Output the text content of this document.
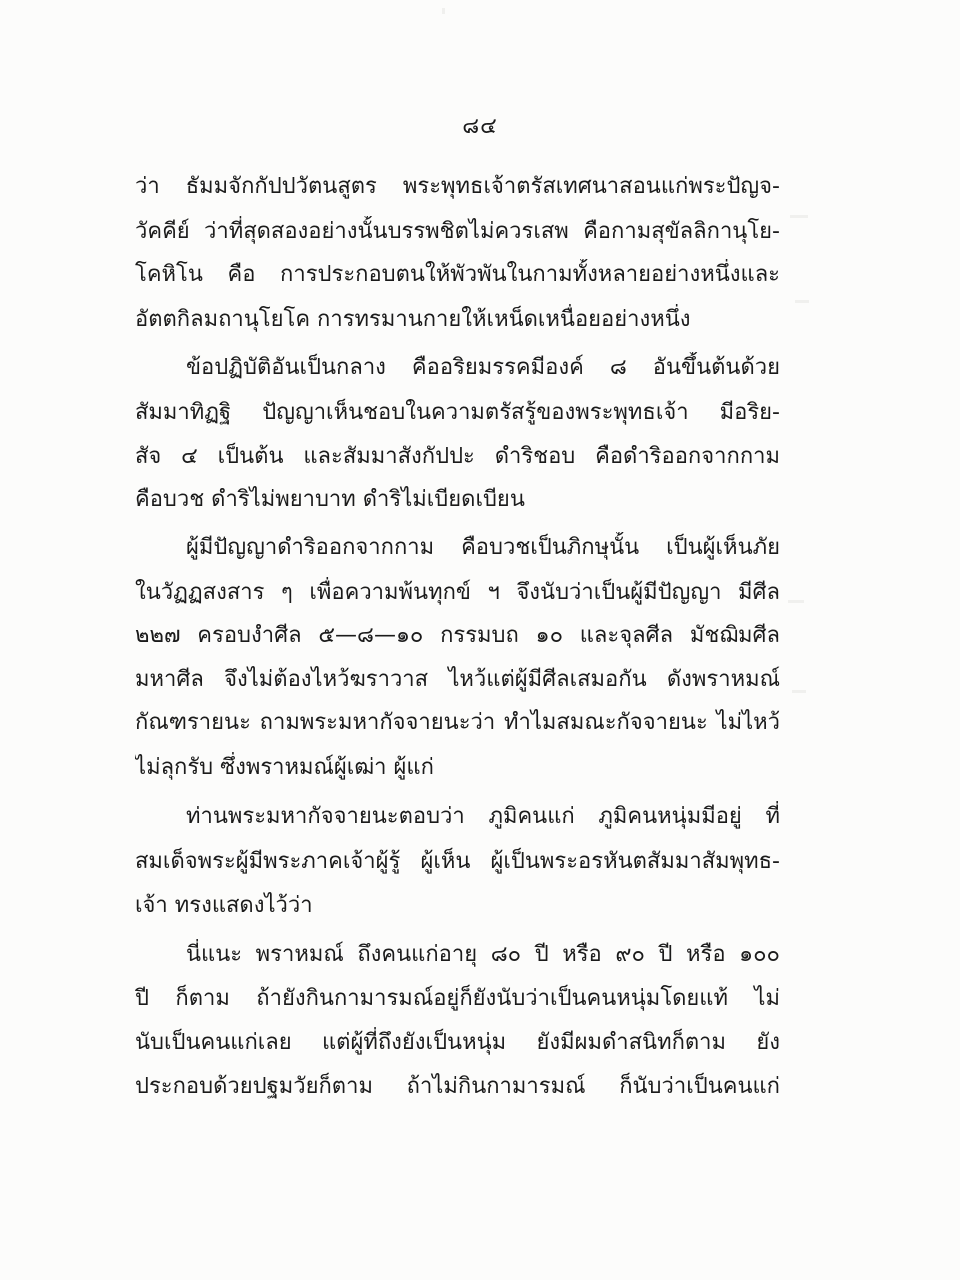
๘๔
ว่า ธัมมจักกัปปวัตนสูตร พระพุทธเจ้าตรัสเทศนาสอนแก่พระปัญจ-
วัคคีย์ ว่าที่สุดสองอย่างนั้นบรรพชิตไม่ควรเสพ คือกามสุขัลลิกานุโย-
โคหิโน คือ การประกอบตนให้พัวพันในกามทั้งหลายอย่างหนึ่งและ
อัตตกิลมถานุโยโค การทรมานกายให้เหน็ดเหนื่อยอย่างหนึ่ง
ข้อปฏิบัติอันเป็นกลาง คืออริยมรรคมีองค์ ๘ อันขึ้นต้นด้วย
สัมมาทิฏฐิ ปัญญาเห็นชอบในความตรัสรู้ของพระพุทธเจ้า มีอริย-
สัจ ๔ เป็นต้น และสัมมาสังกัปปะ ดำริชอบ คือดำริออกจากกาม
คือบวช ดำริไม่พยาบาท ดำริไม่เบียดเบียน
ผู้มีปัญญาดำริออกจากกาม คือบวชเป็นภิกษุนั้น เป็นผู้เห็นภัย
ในวัฏฏสงสาร ๆ เพื่อความพ้นทุกข์ ฯ จึงนับว่าเป็นผู้มีปัญญา มีศีล
๒๒๗ ครอบงำศีล ๕—๘—๑๐ กรรมบถ ๑๐ และจุลศีล มัชฌิมศีล
มหาศีล จึงไม่ต้องไหว้ฆราวาส ไหว้แต่ผู้มีศีลเสมอกัน ดังพราหมณ์
กัณฑรายนะ ถามพระมหากัจจายนะว่า ทำไมสมณะกัจจายนะ ไม่ไหว้
ไม่ลุกรับ ซึ่งพราหมณ์ผู้เฒ่า ผู้แก่
ท่านพระมหากัจจายนะตอบว่า ภูมิคนแก่ ภูมิคนหนุ่มมีอยู่ ที่
สมเด็จพระผู้มีพระภาคเจ้าผู้รู้ ผู้เห็น ผู้เป็นพระอรหันตสัมมาสัมพุทธ-
เจ้า ทรงแสดงไว้ว่า
นี่แนะ พราหมณ์ ถึงคนแก่อายุ ๘๐ ปี หรือ ๙๐ ปี หรือ ๑๐๐
ปี ก็ตาม ถ้ายังกินกามารมณ์อยู่ก็ยังนับว่าเป็นคนหนุ่มโดยแท้ ไม่
นับเป็นคนแก่เลย แต่ผู้ที่ถึงยังเป็นหนุ่ม ยังมีผมดำสนิทก็ตาม ยัง
ประกอบด้วยปฐมวัยก็ตาม ถ้าไม่กินกามารมณ์ ก็นับว่าเป็นคนแก่
